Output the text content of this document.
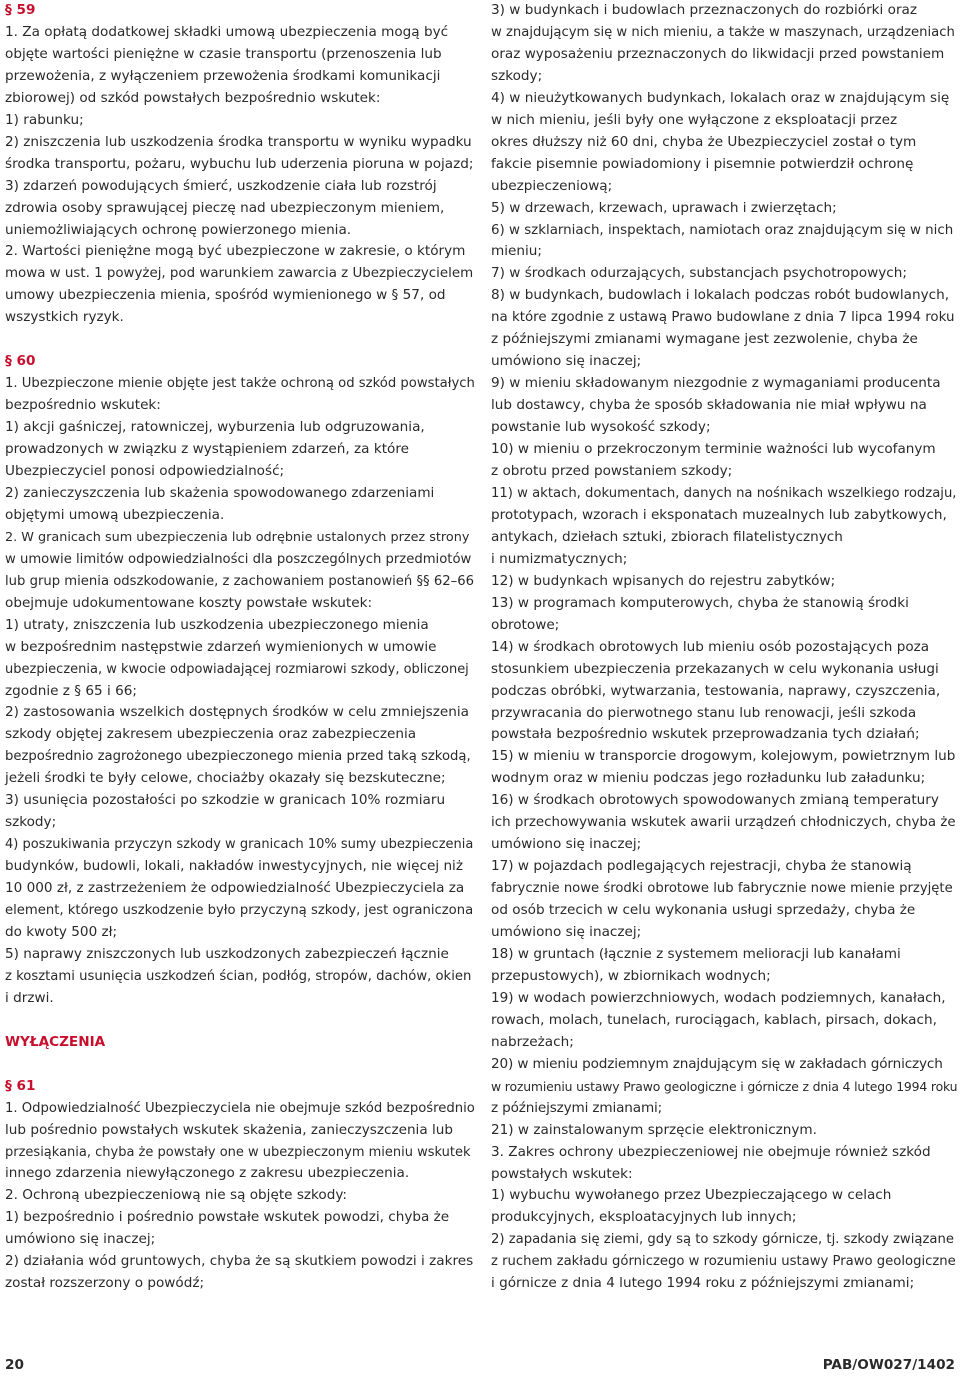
§ 59
1. Za opłatą dodatkowej składki umową ubezpieczenia mogą być
objęte wartości pieniężne w czasie transportu (przenoszenia lub
przewożenia, z wyłączeniem przewożenia środkami komunikacji
zbiorowej) od szkód powstałych bezpośrednio wskutek:
1) rabunku;
2) zniszczenia lub uszkodzenia środka transportu w wyniku wypadku
środka transportu, pożaru, wybuchu lub uderzenia pioruna w pojazd;
3) zdarzeń powodujących śmierć, uszkodzenie ciała lub rozstrój
zdrowia osoby sprawującej pieczę nad ubezpieczonym mieniem,
uniemożliwiających ochronę powierzonego mienia.
2. Wartości pieniężne mogą być ubezpieczone w zakresie, o którym
mowa w ust. 1 powyżej, pod warunkiem zawarcia z Ubezpieczycielem
umowy ubezpieczenia mienia, spośród wymienionego w § 57, od
wszystkich ryzyk.
§ 60
1. Ubezpieczone mienie objęte jest także ochroną od szkód powstałych
bezpośrednio wskutek:
1) akcji gaśniczej, ratowniczej, wyburzenia lub odgruzowania,
prowadzonych w związku z wystąpieniem zdarzeń, za które
Ubezpieczyciel ponosi odpowiedzialność;
2) zanieczyszczenia lub skażenia spowodowanego zdarzeniami
objętymi umową ubezpieczenia.
2. W granicach sum ubezpieczenia lub odrębnie ustalonych przez strony
w umowie limitów odpowiedzialności dla poszczególnych przedmiotów
lub grup mienia odszkodowanie, z zachowaniem postanowień §§ 62–66
obejmuje udokumentowane koszty powstałe wskutek:
1) utraty, zniszczenia lub uszkodzenia ubezpieczonego mienia
w bezpośrednim następstwie zdarzeń wymienionych w umowie
ubezpieczenia, w kwocie odpowiadającej rozmiarowi szkody, obliczonej
zgodnie z § 65 i 66;
2) zastosowania wszelkich dostępnych środków w celu zmniejszenia
szkody objętej zakresem ubezpieczenia oraz zabezpieczenia
bezpośrednio zagrożonego ubezpieczonego mienia przed taką szkodą,
jeżeli środki te były celowe, chociażby okazały się bezskuteczne;
3) usunięcia pozostałości po szkodzie w granicach 10% rozmiaru
szkody;
4) poszukiwania przyczyn szkody w granicach 10% sumy ubezpieczenia
budynków, budowli, lokali, nakładów inwestycyjnych, nie więcej niż
10 000 zł, z zastrzeżeniem że odpowiedzialność Ubezpieczyciela za
element, którego uszkodzenie było przyczyną szkody, jest ograniczona
do kwoty 500 zł;
5) naprawy zniszczonych lub uszkodzonych zabezpieczeń łącznie
z kosztami usunięcia uszkodzeń ścian, podłóg, stropów, dachów, okien
i drzwi.
WYŁĄCZENIA
§ 61
1. Odpowiedzialność Ubezpieczyciela nie obejmuje szkód bezpośrednio
lub pośrednio powstałych wskutek skażenia, zanieczyszczenia lub
przesiąkania, chyba że powstały one w ubezpieczonym mieniu wskutek
innego zdarzenia niewyłączonego z zakresu ubezpieczenia.
2. Ochroną ubezpieczeniową nie są objęte szkody:
1) bezpośrednio i pośrednio powstałe wskutek powodzi, chyba że
umówiono się inaczej;
2) działania wód gruntowych, chyba że są skutkiem powodzi i zakres
został rozszerzony o powódź;
3) w budynkach i budowlach przeznaczonych do rozbiórki oraz
w znajdującym się w nich mieniu, a także w maszynach, urządzeniach
oraz wyposażeniu przeznaczonych do likwidacji przed powstaniem
szkody;
4) w nieużytkowanych budynkach, lokalach oraz w znajdującym się
w nich mieniu, jeśli były one wyłączone z eksploatacji przez
okres dłuższy niż 60 dni, chyba że Ubezpieczyciel został o tym
fakcie pisemnie powiadomiony i pisemnie potwierdził ochronę
ubezpieczeniową;
5) w drzewach, krzewach, uprawach i zwierzętach;
6) w szklarniach, inspektach, namiotach oraz znajdującym się w nich
mieniu;
7) w środkach odurzających, substancjach psychotropowych;
8) w budynkach, budowlach i lokalach podczas robót budowlanych,
na które zgodnie z ustawą Prawo budowlane z dnia 7 lipca 1994 roku
z późniejszymi zmianami wymagane jest zezwolenie, chyba że
umówiono się inaczej;
9) w mieniu składowanym niezgodnie z wymaganiami producenta
lub dostawcy, chyba że sposób składowania nie miał wpływu na
powstanie lub wysokość szkody;
10) w mieniu o przekroczonym terminie ważności lub wycofanym
z obrotu przed powstaniem szkody;
11) w aktach, dokumentach, danych na nośnikach wszelkiego rodzaju,
prototypach, wzorach i eksponatach muzealnych lub zabytkowych,
antykach, dziełach sztuki, zbiorach filatelistycznych
i numizmatycznych;
12) w budynkach wpisanych do rejestru zabytków;
13) w programach komputerowych, chyba że stanowią środki
obrotowe;
14) w środkach obrotowych lub mieniu osób pozostających poza
stosunkiem ubezpieczenia przekazanych w celu wykonania usługi
podczas obróbki, wytwarzania, testowania, naprawy, czyszczenia,
przywracania do pierwotnego stanu lub renowacji, jeśli szkoda
powstała bezpośrednio wskutek przeprowadzania tych działań;
15) w mieniu w transporcie drogowym, kolejowym, powietrznym lub
wodnym oraz w mieniu podczas jego rozładunku lub załadunku;
16) w środkach obrotowych spowodowanych zmianą temperatury
ich przechowywania wskutek awarii urządzeń chłodniczych, chyba że
umówiono się inaczej;
17) w pojazdach podlegających rejestracji, chyba że stanowią
fabrycznie nowe środki obrotowe lub fabrycznie nowe mienie przyjęte
od osób trzecich w celu wykonania usługi sprzedaży, chyba że
umówiono się inaczej;
18) w gruntach (łącznie z systemem melioracji lub kanałami
przepustowych), w zbiornikach wodnych;
19) w wodach powierzchniowych, wodach podziemnych, kanałach,
rowach, molach, tunelach, rurociągach, kablach, pirsach, dokach,
nabrzeżach;
20) w mieniu podziemnym znajdującym się w zakładach górniczych
w rozumieniu ustawy Prawo geologiczne i górnicze z dnia 4 lutego 1994 roku
z późniejszymi zmianami;
21) w zainstalowanym sprzęcie elektronicznym.
3. Zakres ochrony ubezpieczeniowej nie obejmuje również szkód
powstałych wskutek:
1) wybuchu wywołanego przez Ubezpieczającego w celach
produkcyjnych, eksploatacyjnych lub innych;
2) zapadania się ziemi, gdy są to szkody górnicze, tj. szkody związane
z ruchem zakładu górniczego w rozumieniu ustawy Prawo geologiczne
i górnicze z dnia 4 lutego 1994 roku z późniejszymi zmianami;
20	PAB/OW027/1402
